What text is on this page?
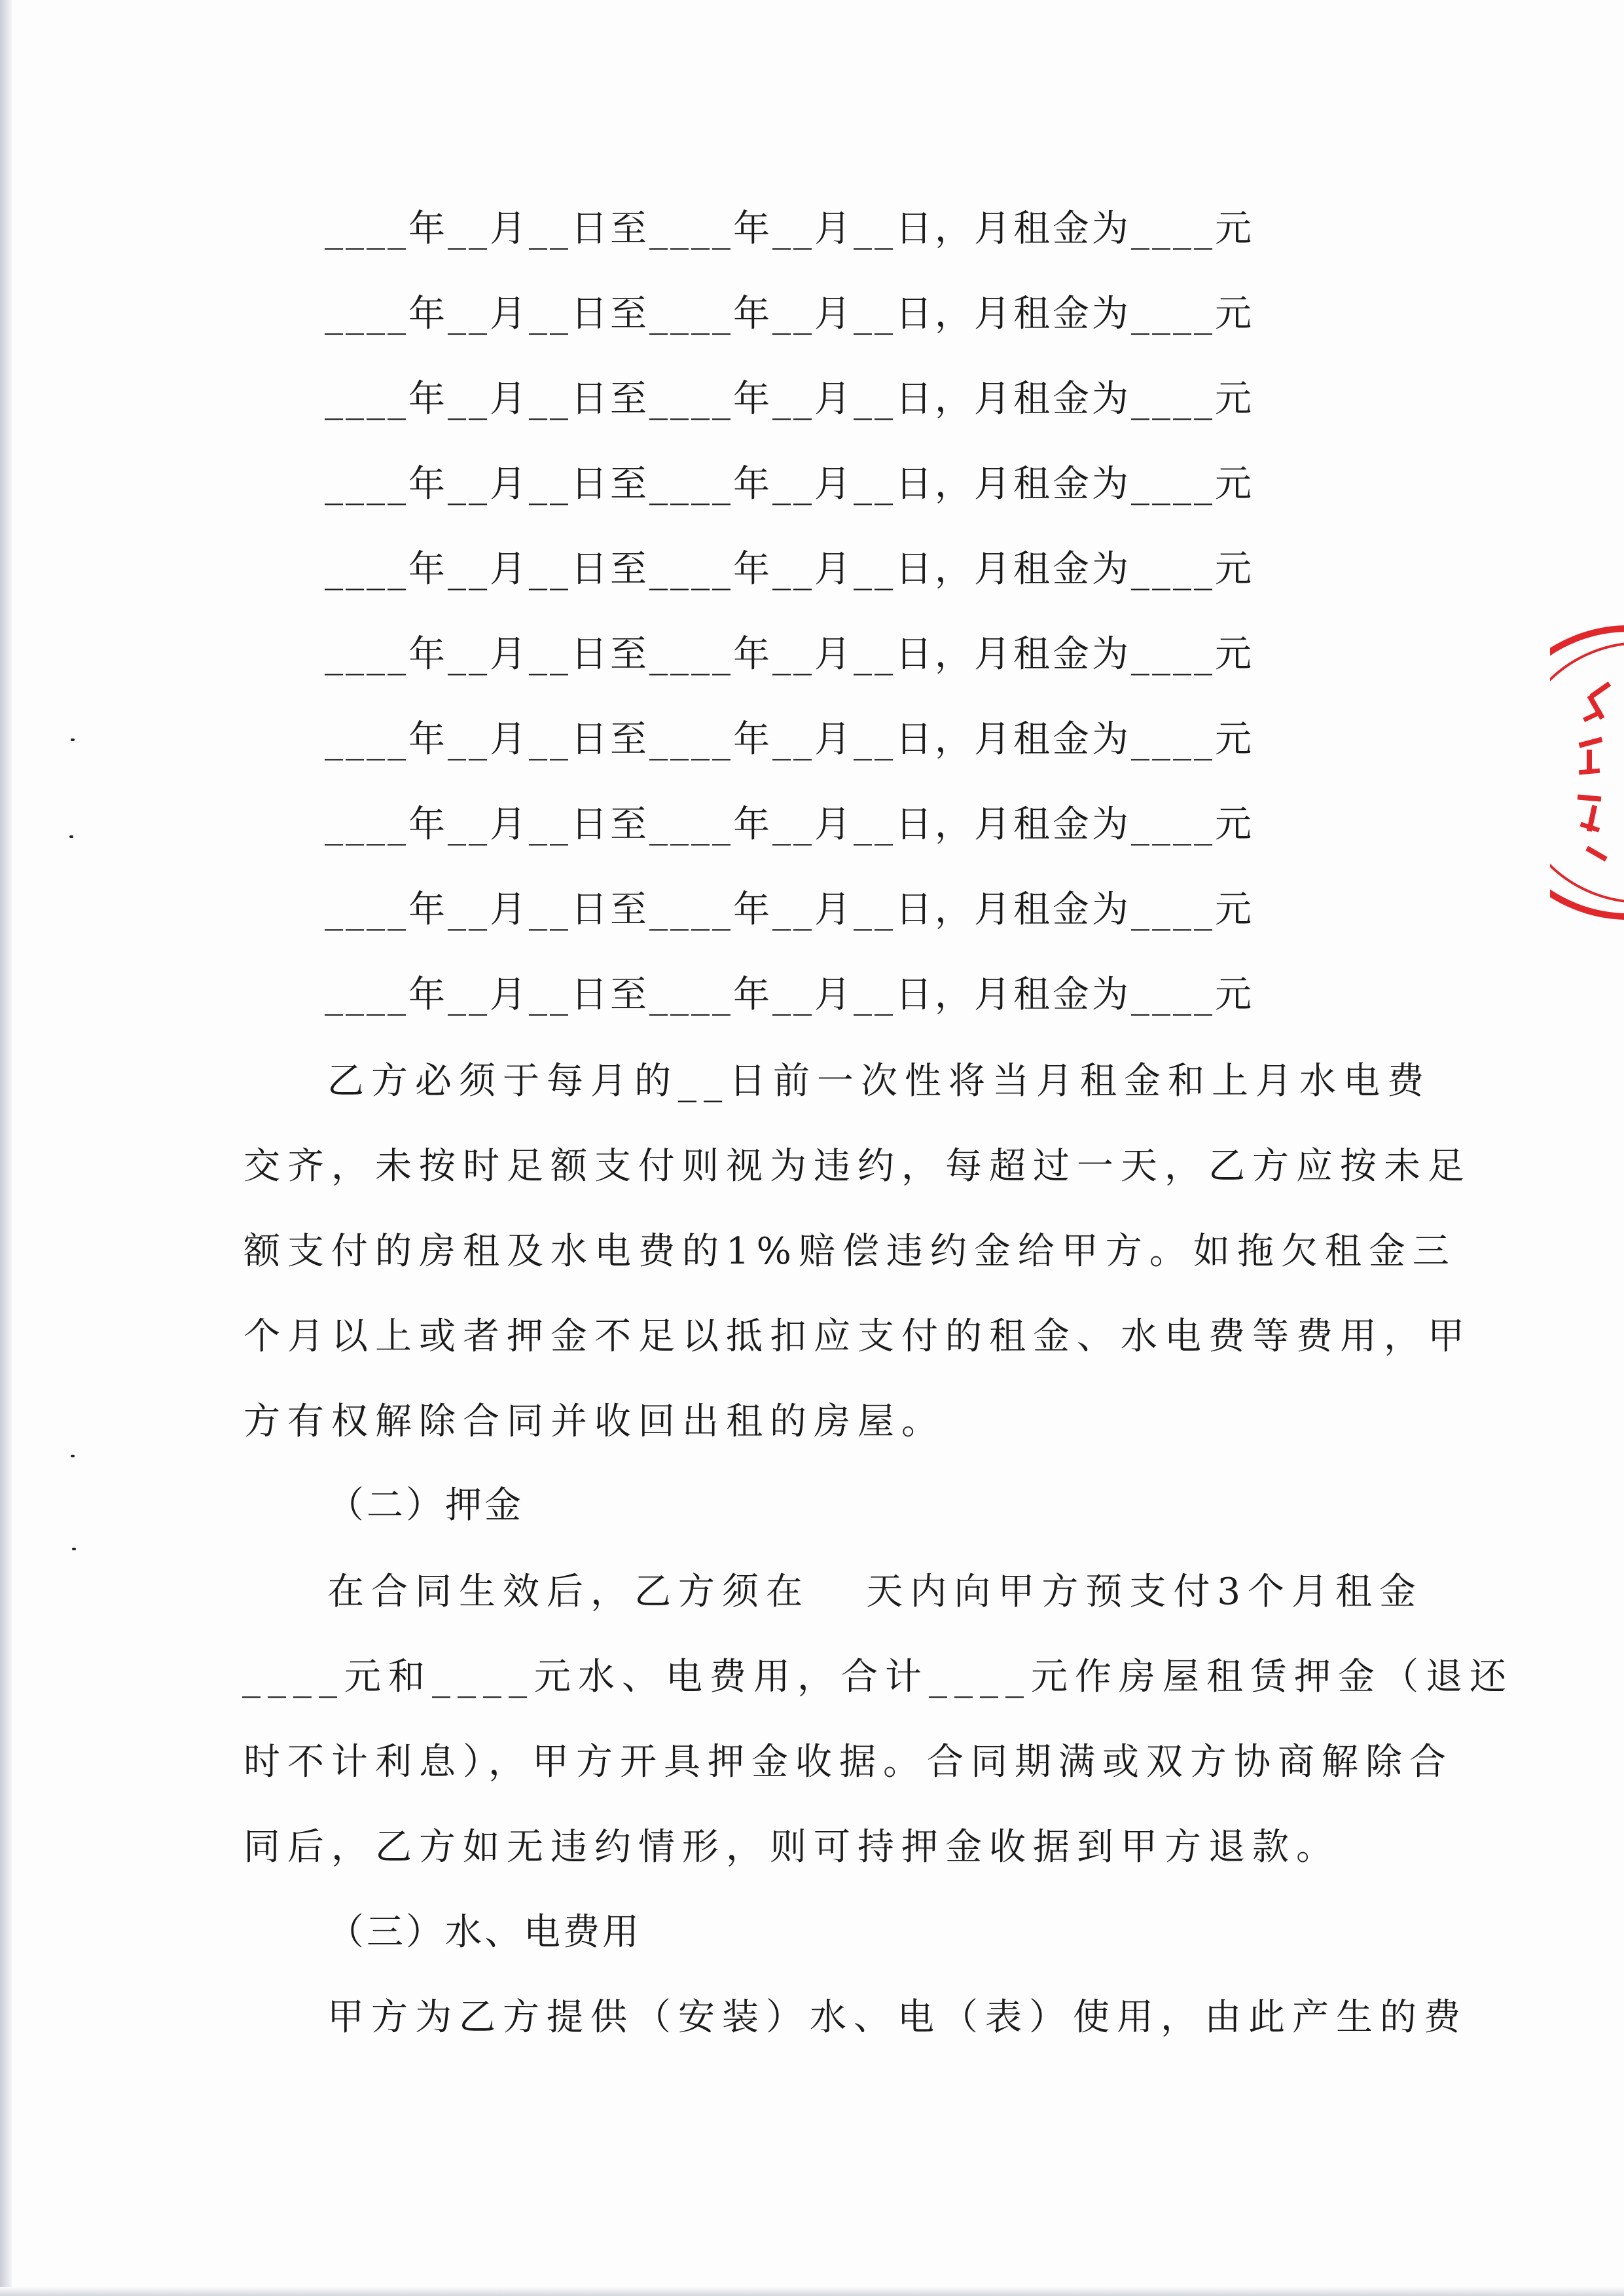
____年__月__日至____年__月__日，月租金为____元
____年__月__日至____年__月__日，月租金为____元
____年__月__日至____年__月__日，月租金为____元
____年__月__日至____年__月__日，月租金为____元
____年__月__日至____年__月__日，月租金为____元
____年__月__日至____年__月__日，月租金为____元
____年__月__日至____年__月__日，月租金为____元
____年__月__日至____年__月__日，月租金为____元
____年__月__日至____年__月__日，月租金为____元
____年__月__日至____年__月__日，月租金为____元
乙方必须于每月的__日前一次性将当月租金和上月水电费
交齐，未按时足额支付则视为违约，每超过一天，乙方应按未足
额支付的房租及水电费的1%赔偿违约金给甲方。如拖欠租金三
个月以上或者押金不足以抵扣应支付的租金、水电费等费用，甲
方有权解除合同并收回出租的房屋。
（二）押金
在合同生效后，乙方须在   天内向甲方预支付3个月租金
____元和____元水、电费用，合计____元作房屋租赁押金（退还
时不计利息），甲方开具押金收据。合同期满或双方协商解除合
同后，乙方如无违约情形，则可持押金收据到甲方退款。
（三）水、电费用
甲方为乙方提供（安装）水、电（表）使用，由此产生的费
